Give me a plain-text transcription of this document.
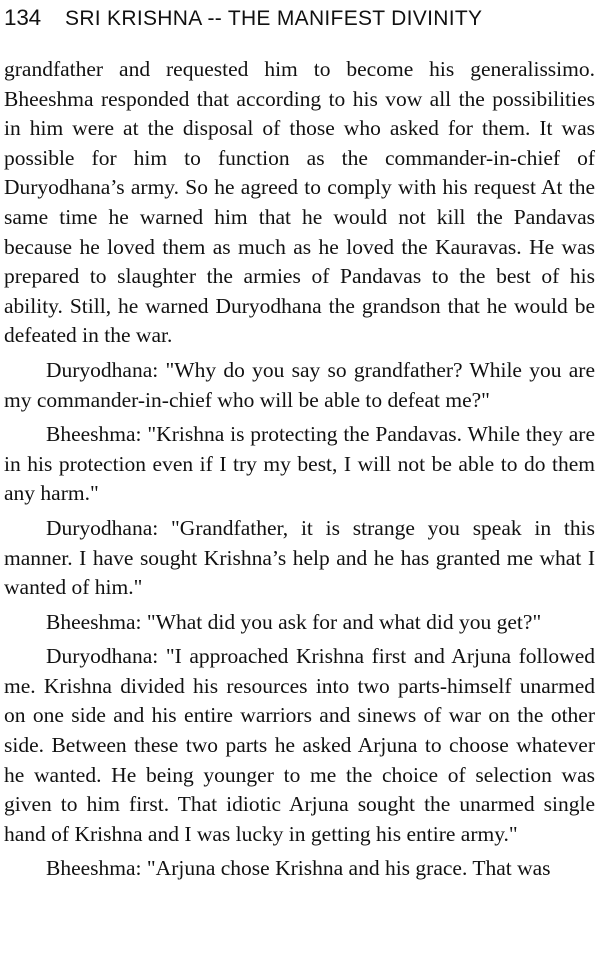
134 SRI KRISHNA -- THE MANIFEST DIVINITY

grandfather and requested him to become his generalissimo. Bheeshma responded that according to his vow all the possibilities in him were at the disposal of those who asked for them. It was possible for him to function as the commander-in-chief of Duryodhana’s army. So he agreed to comply with his request At the same time he warned him that he would not kill the Pandavas because he loved them as much as he loved the Kauravas. He was prepared to slaughter the armies of Pandavas to the best of his ability. Still, he warned Duryodhana the grandson that he would be defeated in the war.

Duryodhana: "Why do you say so grandfather? While you are my commander-in-chief who will be able to defeat me?"

Bheeshma: "Krishna is protecting the Pandavas. While they are in his protection even if I try my best, I will not be able to do them any harm."

Duryodhana: "Grandfather, it is strange you speak in this manner. I have sought Krishna’s help and he has granted me what I wanted of him."

Bheeshma: "What did you ask for and what did you get?"

Duryodhana: "I approached Krishna first and Arjuna followed me. Krishna divided his resources into two parts-himself unarmed on one side and his entire warriors and sinews of war on the other side. Between these two parts he asked Arjuna to choose whatever he wanted. He being younger to me the choice of selection was given to him first. That idiotic Arjuna sought the unarmed single hand of Krishna and I was lucky in getting his entire army."

Bheeshma: "Arjuna chose Krishna and his grace. That was
